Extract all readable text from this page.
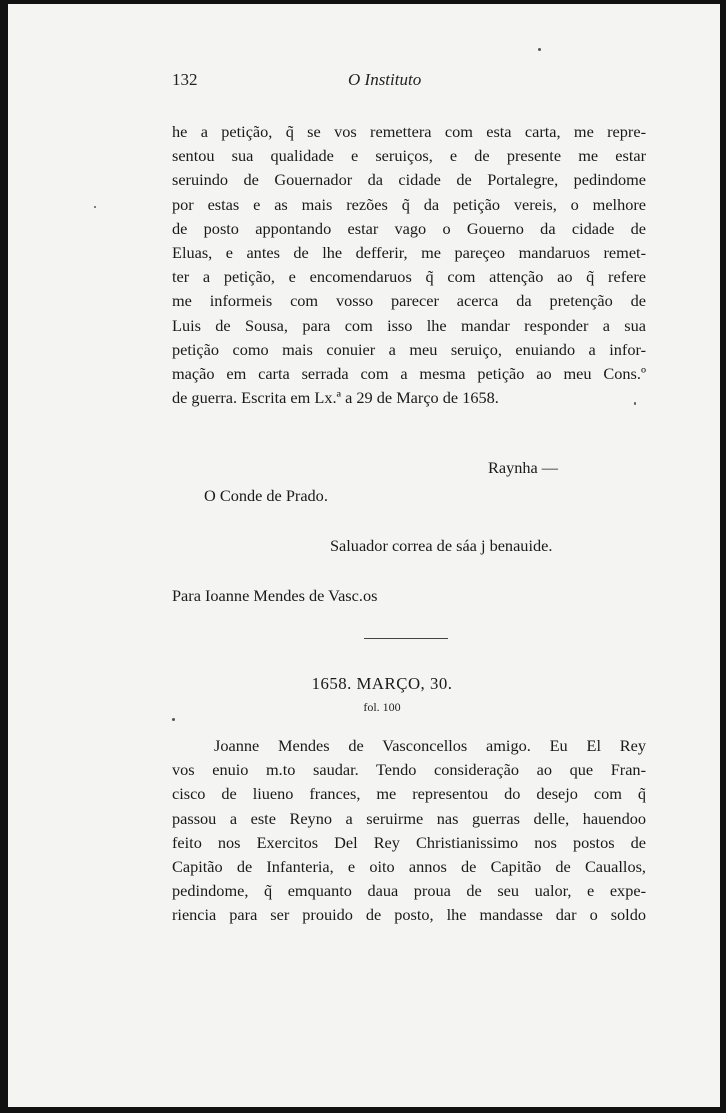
132	O Instituto
he a petição, q̃ se vos remettera com esta carta, me repre-
sentou sua qualidade e seruiços, e de presente me estar
seruindo de Gouernador da cidade de Portalegre, pedindome
por estas e as mais rezões q̃ da petição vereis, o melhore
de posto appontando estar vago o Gouerno da cidade de
Eluas, e antes de lhe defferir, me pareçeo mandaruos remet-
ter a petição, e encomendaruos q̃ com attenção ao q̃ refere
me informeis com vosso parecer acerca da pretenção de
Luis de Sousa, para com isso lhe mandar responder a sua
petição como mais conuier a meu seruiço, enuiando a infor-
mação em carta serrada com a mesma petição ao meu Cons.º
de guerra. Escrita em Lx.ª a 29 de Março de 1658.
Raynha —
O Conde de Prado.
Saluador correa de sáa j benauide.
Para Ioanne Mendes de Vasc.os
1658. MARÇO, 30.
fol. 100
Joanne Mendes de Vasconcellos amigo. Eu El Rey
vos enuio m.to saudar. Tendo consideração ao que Fran-
cisco de liueno frances, me representou do desejo com q̃
passou a este Reyno a seruirme nas guerras delle, hauendoo
feito nos Exercitos Del Rey Christianissimo nos postos de
Capitão de Infanteria, e oito annos de Capitão de Cauallos,
pedindome, q̃ emquanto daua proua de seu ualor, e expe-
riencia para ser prouido de posto, lhe mandasse dar o soldo
